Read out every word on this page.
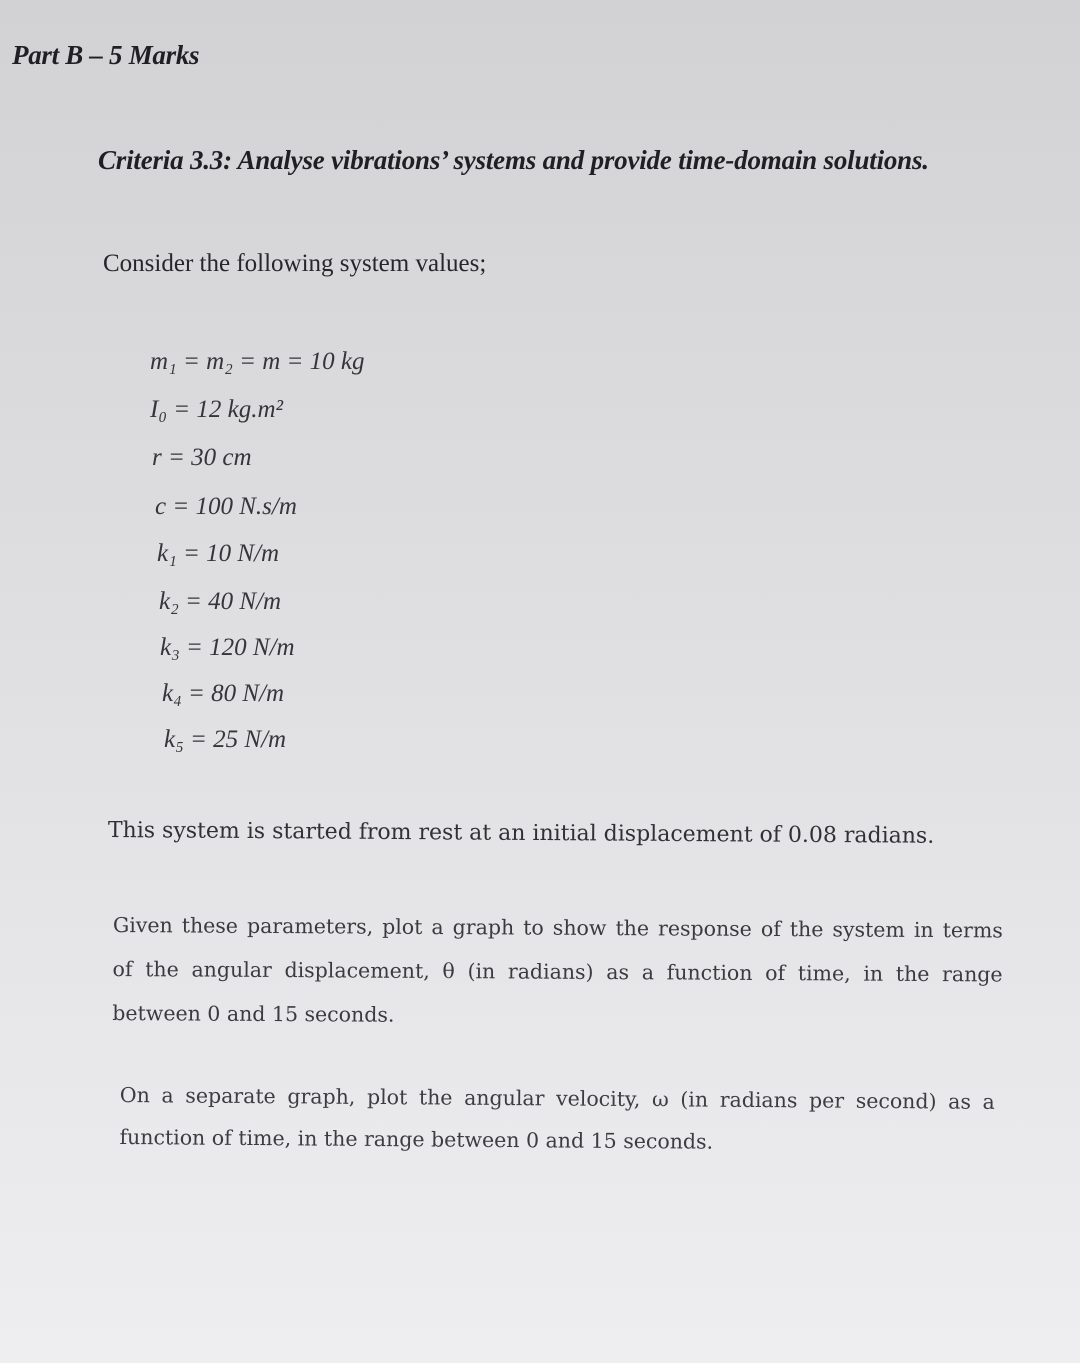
Part B – 5 Marks
Criteria 3.3: Analyse vibrations’ systems and provide time-domain solutions.
Consider the following system values;
m₁ = m₂ = m = 10 kg
I₀ = 12 kg.m²
r = 30 cm
c = 100 N.s/m
k₁ = 10 N/m
k₂ = 40 N/m
k₃ = 120 N/m
k₄ = 80 N/m
k₅ = 25 N/m
This system is started from rest at an initial displacement of 0.08 radians.
Given these parameters, plot a graph to show the response of the system in terms
of the angular displacement, θ (in radians) as a function of time, in the range
between 0 and 15 seconds.
On a separate graph, plot the angular velocity, ω (in radians per second) as a
function of time, in the range between 0 and 15 seconds.
